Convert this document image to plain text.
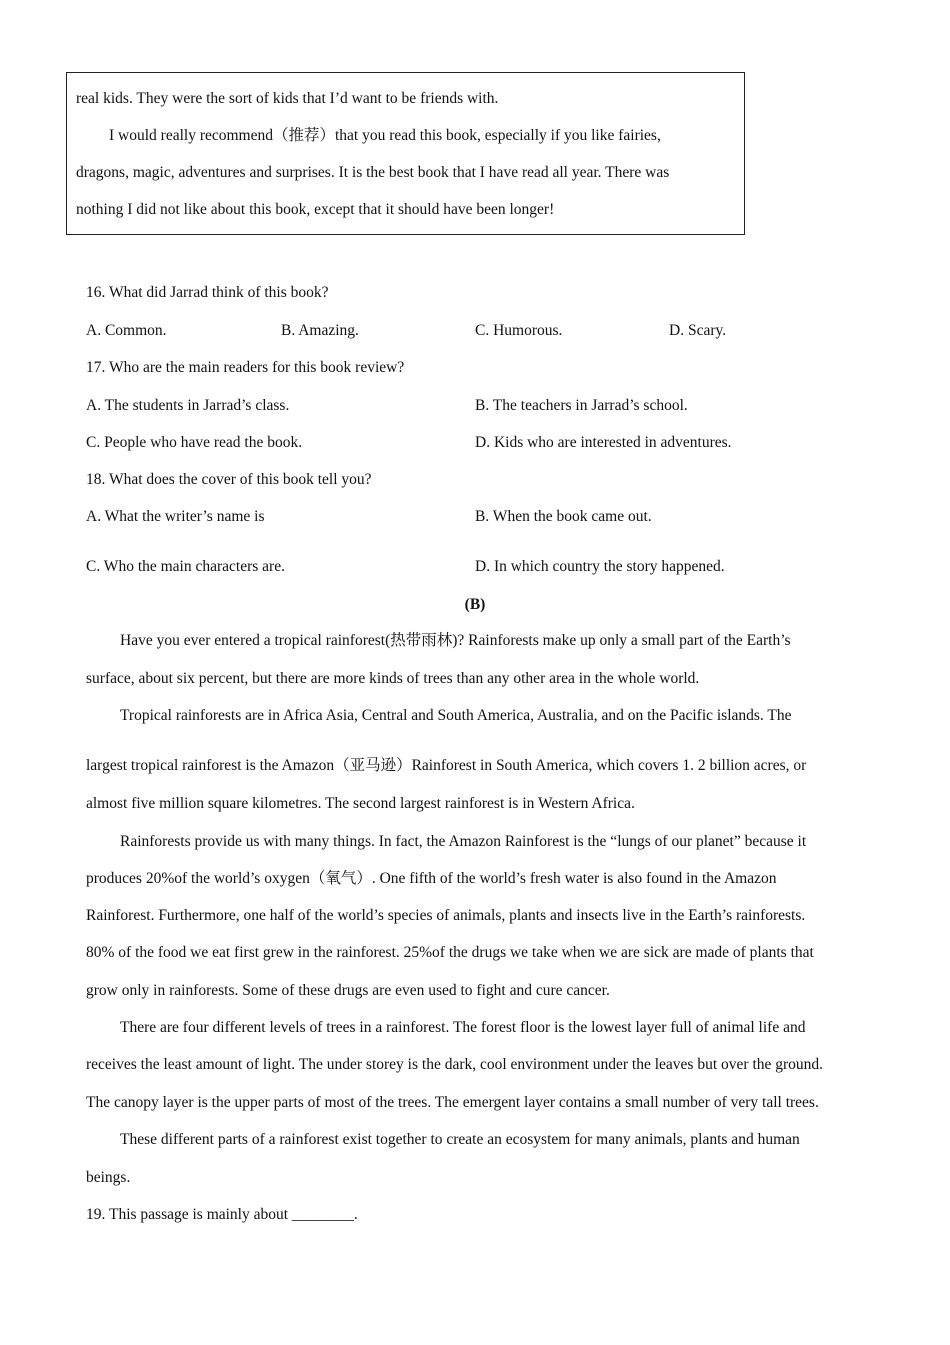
real kids. They were the sort of kids that I’d want to be friends with.
I would really recommend（推荐）that you read this book, especially if you like fairies,
dragons, magic, adventures and surprises. It is the best book that I have read all year. There was
nothing I did not like about this book, except that it should have been longer!
16. What did Jarrad think of this book?
A. Common.	B. Amazing.	C. Humorous.	D. Scary.
17. Who are the main readers for this book review?
A. The students in Jarrad’s class.	B. The teachers in Jarrad’s school.
C. People who have read the book.	D. Kids who are interested in adventures.
18. What does the cover of this book tell you?
A. What the writer’s name is	B. When the book came out.
C. Who the main characters are.	D. In which country the story happened.
(B)
Have you ever entered a tropical rainforest(热带雨林)? Rainforests make up only a small part of the Earth’s
surface, about six percent, but there are more kinds of trees than any other area in the whole world.
Tropical rainforests are in Africa Asia, Central and South America, Australia, and on the Pacific islands. The
largest tropical rainforest is the Amazon（亚马逊）Rainforest in South America, which covers 1. 2 billion acres, or
almost five million square kilometres. The second largest rainforest is in Western Africa.
Rainforests provide us with many things. In fact, the Amazon Rainforest is the “lungs of our planet” because it
produces 20%of the world’s oxygen（氧气）. One fifth of the world’s fresh water is also found in the Amazon
Rainforest. Furthermore, one half of the world’s species of animals, plants and insects live in the Earth’s rainforests.
80% of the food we eat first grew in the rainforest. 25%of the drugs we take when we are sick are made of plants that
grow only in rainforests. Some of these drugs are even used to fight and cure cancer.
There are four different levels of trees in a rainforest. The forest floor is the lowest layer full of animal life and
receives the least amount of light. The under storey is the dark, cool environment under the leaves but over the ground.
The canopy layer is the upper parts of most of the trees. The emergent layer contains a small number of very tall trees.
These different parts of a rainforest exist together to create an ecosystem for many animals, plants and human
beings.
19. This passage is mainly about ________.
